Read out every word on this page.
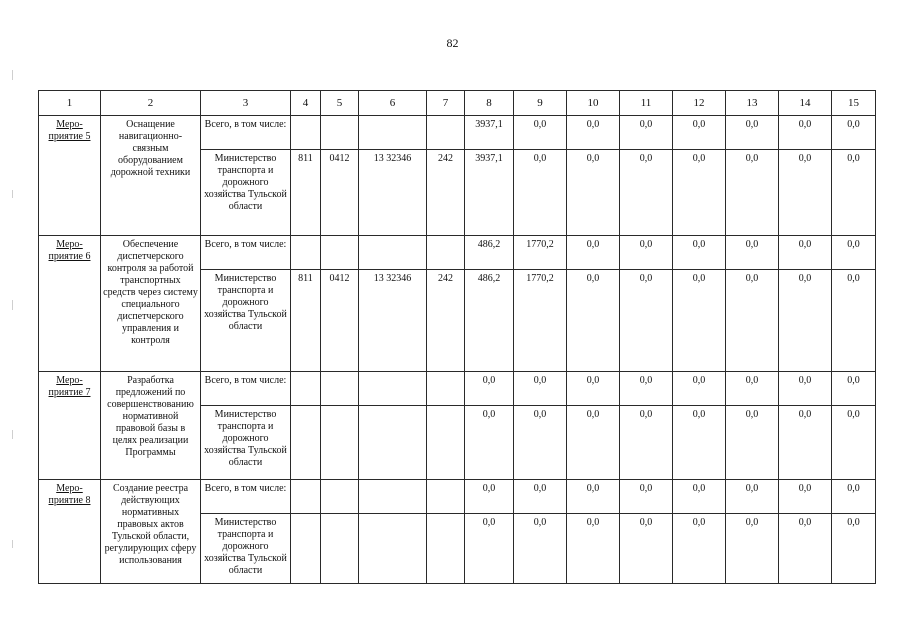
82
1	2	3	4	5	6	7	8	9	10	11	12	13	14	15
Меро-
приятие 5	Оснащение навигационно-связным оборудованием дорожной техники	Всего, в том числе:					3937,1	0,0	0,0	0,0	0,0	0,0	0,0	0,0
		Министерство транспорта и дорожного хозяйства Тульской области	811	0412	13 32346	242	3937,1	0,0	0,0	0,0	0,0	0,0	0,0	0,0
Меро-
приятие 6	Обеспечение диспетчерского контроля за работой транспортных средств через систему специального диспетчерского управления и контроля	Всего, в том числе:					486,2	1770,2	0,0	0,0	0,0	0,0	0,0	0,0
		Министерство транспорта и дорожного хозяйства Тульской области	811	0412	13 32346	242	486,2	1770,2	0,0	0,0	0,0	0,0	0,0	0,0
Меро-
приятие 7	Разработка предложений по совершенствованию нормативной правовой базы в целях реализации Программы	Всего, в том числе:					0,0	0,0	0,0	0,0	0,0	0,0	0,0	0,0
		Министерство транспорта и дорожного хозяйства Тульской области					0,0	0,0	0,0	0,0	0,0	0,0	0,0	0,0
Меро-
приятие 8	Создание реестра действующих нормативных правовых актов Тульской области, регулирующих сферу использования	Всего, в том числе:					0,0	0,0	0,0	0,0	0,0	0,0	0,0	0,0
		Министерство транспорта и дорожного хозяйства Тульской области					0,0	0,0	0,0	0,0	0,0	0,0	0,0	0,0
